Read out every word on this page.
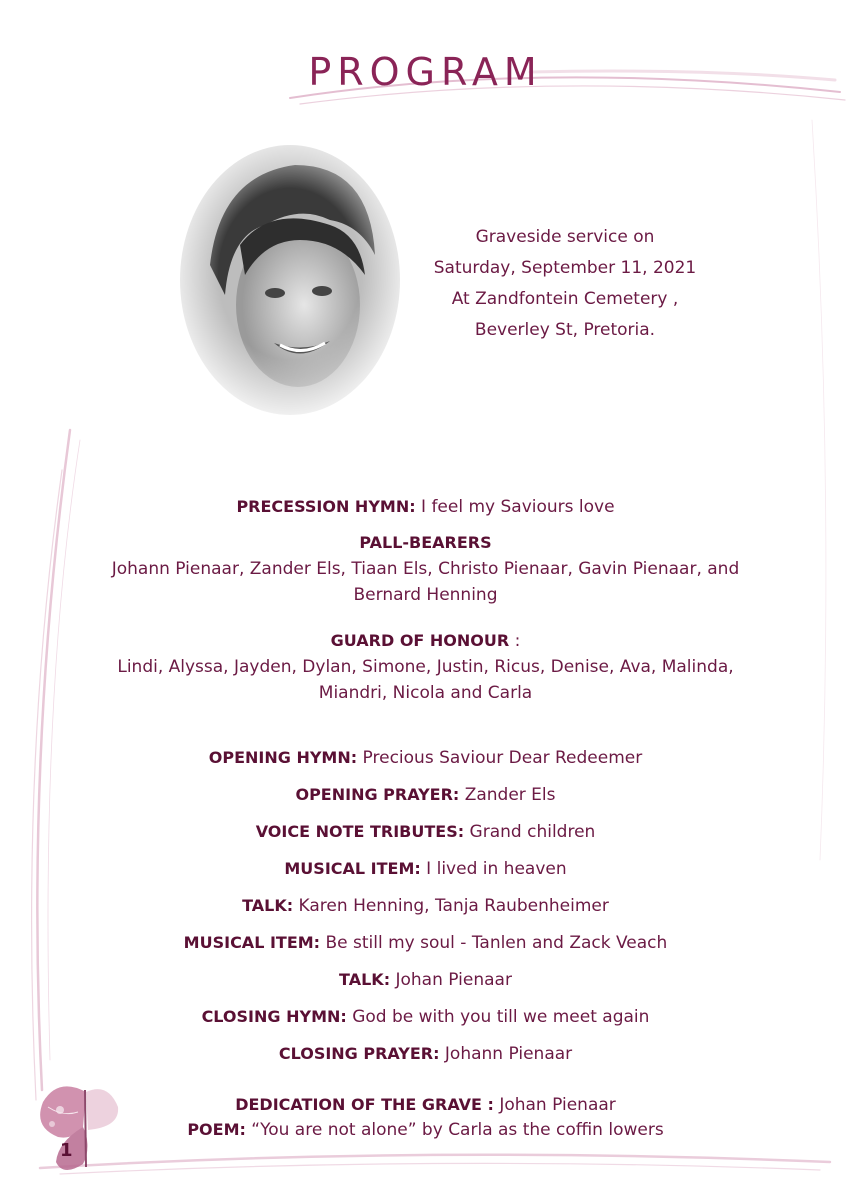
PROGRAM
Graveside service on
Saturday, September 11, 2021
At Zandfontein Cemetery ,
Beverley St, Pretoria.
PRECESSION HYMN: I feel my Saviours love
PALL-BEARERS
Johann Pienaar, Zander Els, Tiaan Els, Christo Pienaar, Gavin Pienaar, and
Bernard Henning
GUARD OF HONOUR :
Lindi, Alyssa, Jayden, Dylan, Simone, Justin, Ricus, Denise, Ava, Malinda,
Miandri, Nicola and Carla
OPENING HYMN: Precious Saviour Dear Redeemer
OPENING PRAYER: Zander Els
VOICE NOTE TRIBUTES: Grand children
MUSICAL ITEM: I lived in heaven
TALK: Karen Henning, Tanja Raubenheimer
MUSICAL ITEM: Be still my soul - Tanlen and Zack Veach
TALK: Johan Pienaar
CLOSING HYMN: God be with you till we meet again
CLOSING PRAYER: Johann Pienaar
DEDICATION OF THE GRAVE : Johan Pienaar
POEM: “You are not alone” by Carla as the coffin lowers
1
